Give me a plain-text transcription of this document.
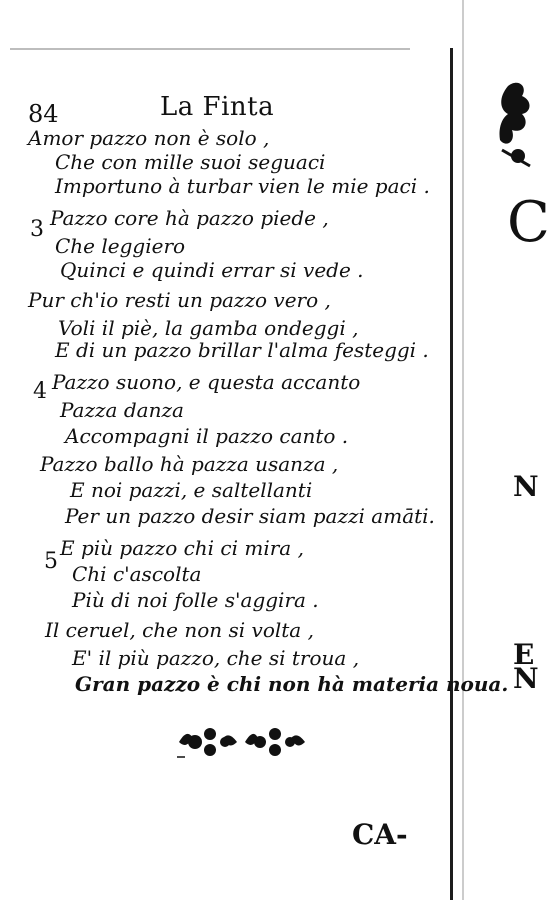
84	La Finta
Amor pazzo non è solo ,
Che con mille suoi seguaci
Importuno à turbar vien le mie paci .
3 Pazzo core hà pazzo piede ,
Che leggiero
Quinci e quindi errar si vede .
Pur ch'io resti un pazzo vero ,
Voli il piè, la gamba ondeggi ,
E di un pazzo brillar l'alma festeggi .
4 Pazzo suono, e questa accanto
Pazza danza
Accompagni il pazzo canto .
Pazzo ballo hà pazza usanza ,
E noi pazzi, e saltellanti
Per un pazzo desir siam pazzi amāti.
5
E più pazzo chi ci mira ,
Chi c'ascolta
Più di noi folle s'aggira .
Il ceruel, che non si volta ,
E' il più pazzo, che si troua ,
Gran pazzo è chi non hà materia noua.
CA-
C
N
E
N
